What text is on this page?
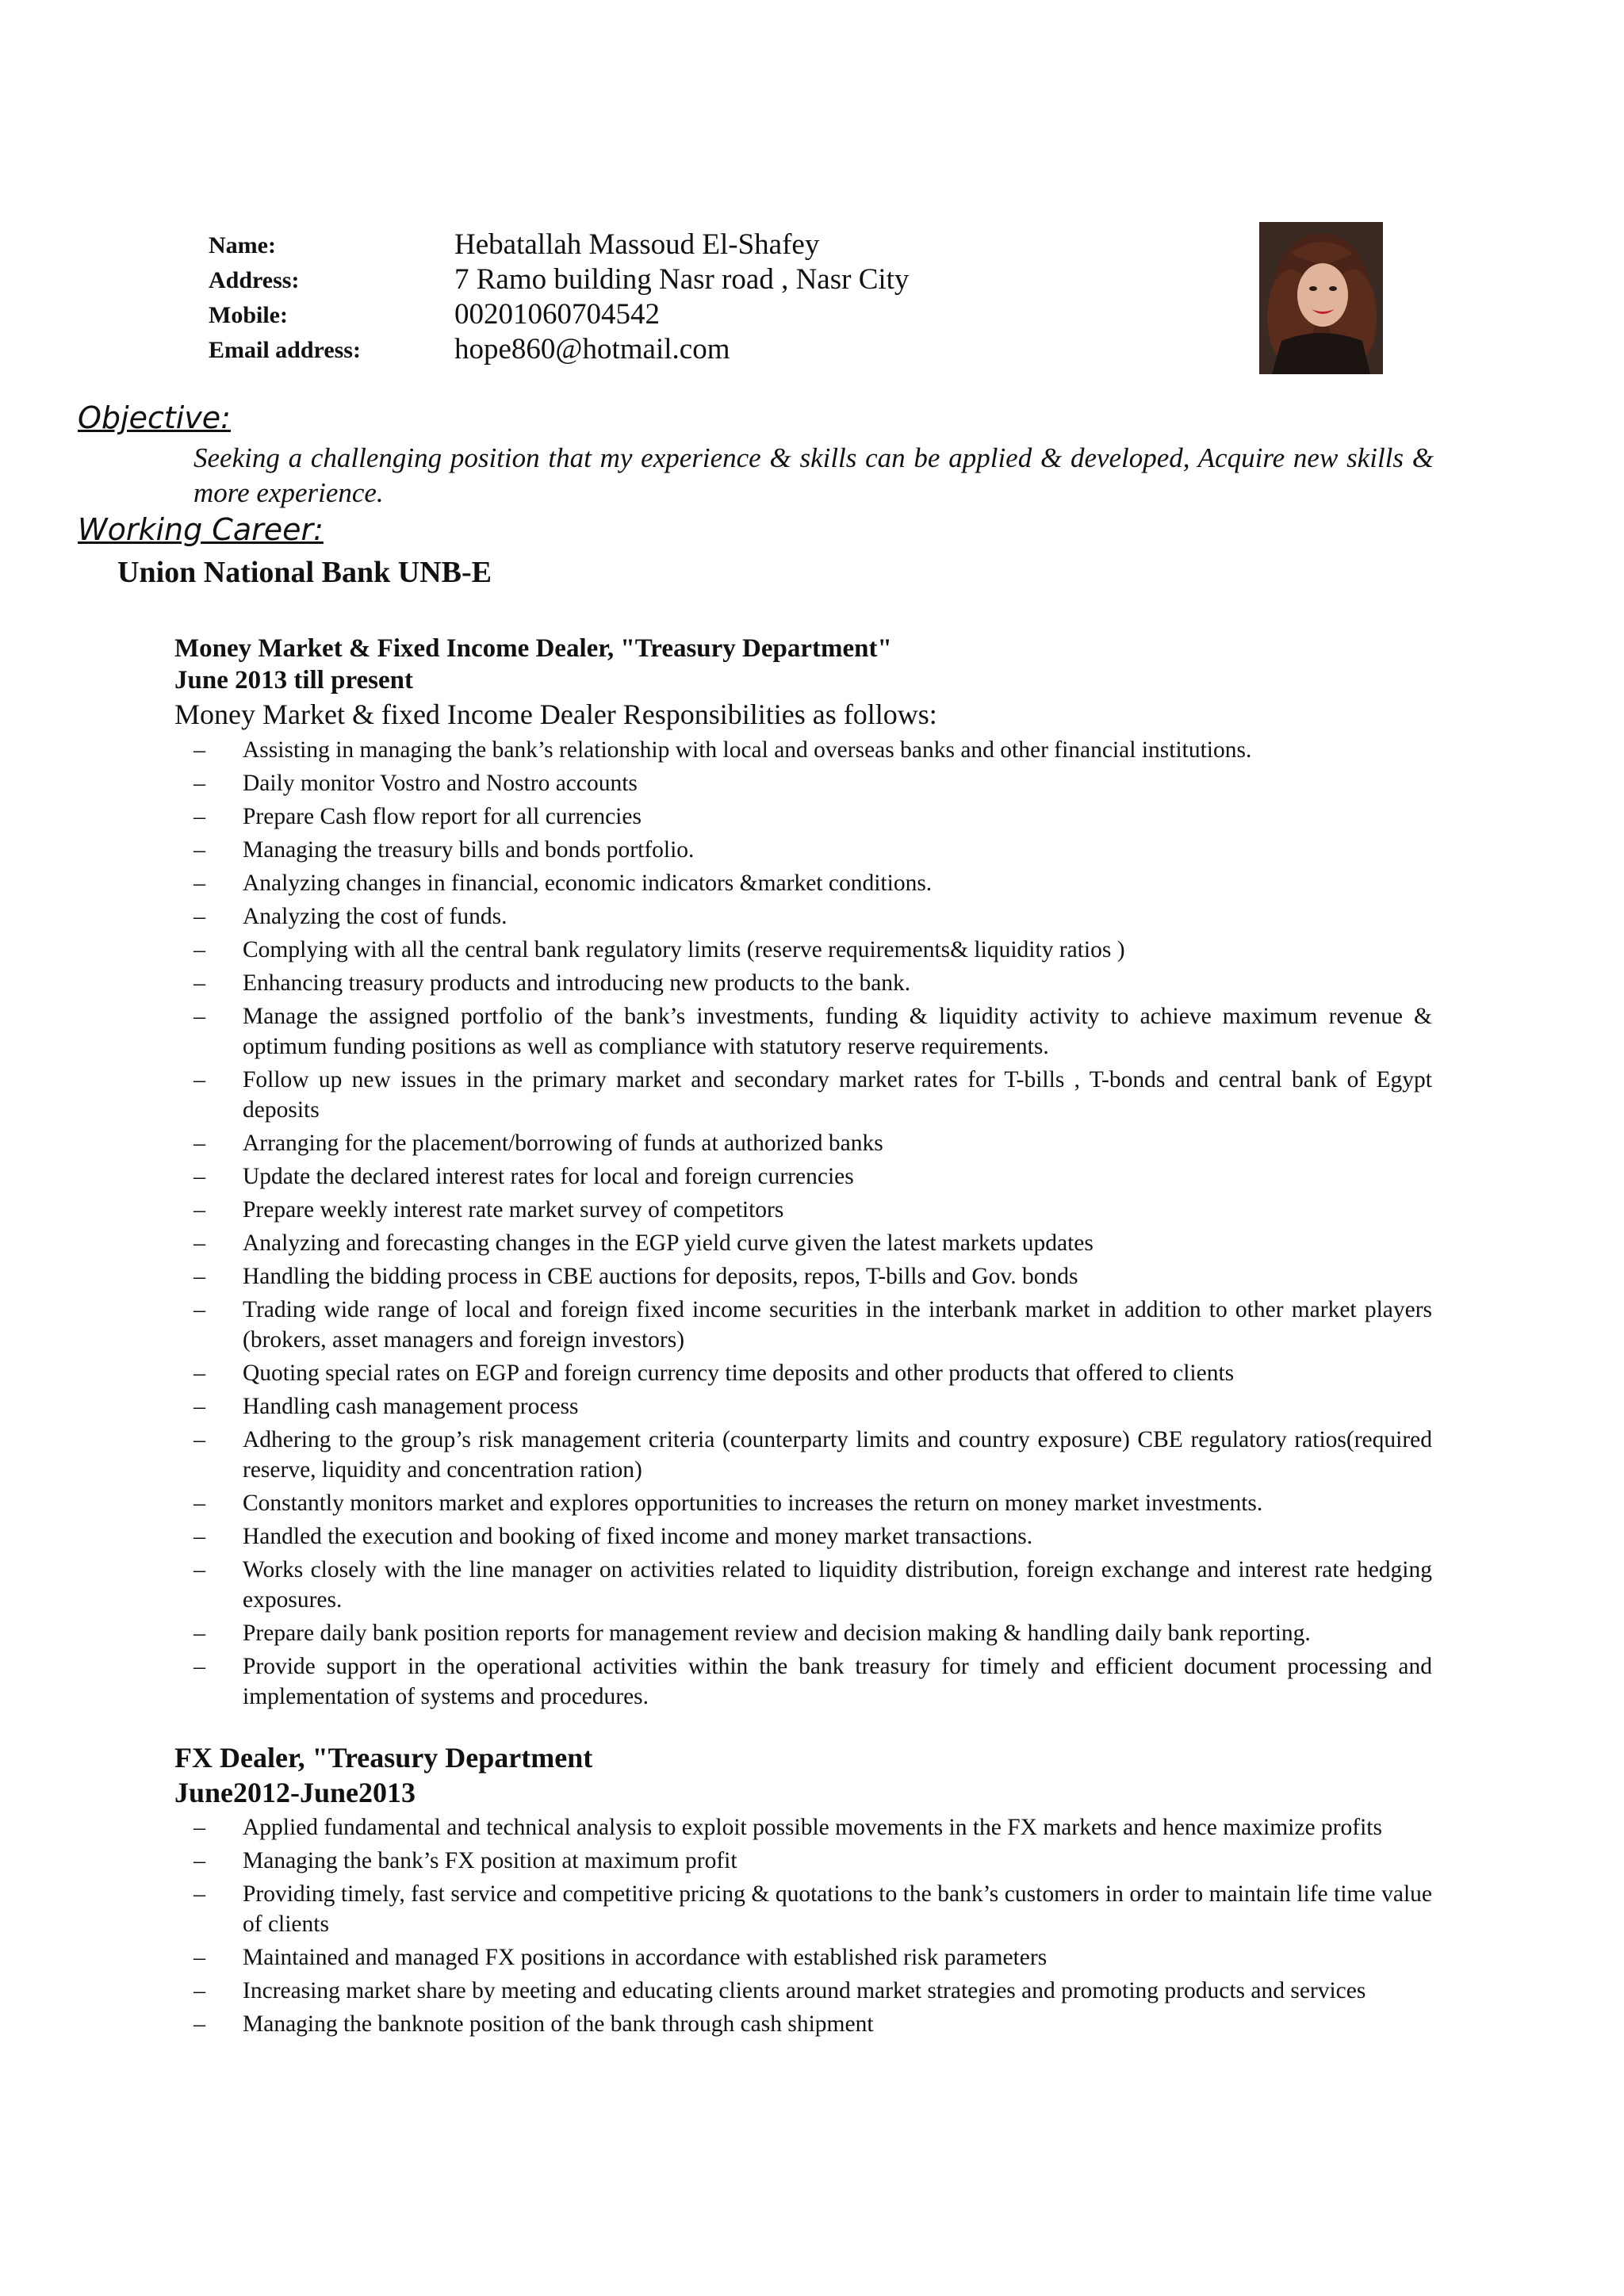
Name:	Hebatallah Massoud El-Shafey
Address:	7 Ramo building Nasr road , Nasr City
Mobile:	00201060704542
Email address:	hope860@hotmail.com
Objective:
Seeking a challenging position that my experience & skills can be applied & developed, Acquire new skills & more experience.
Working Career:
Union National Bank UNB-E
Money Market & Fixed Income Dealer, "Treasury Department"
June 2013 till present
Money Market & fixed Income Dealer Responsibilities as follows:
– Assisting in managing the bank’s relationship with local and overseas banks and other financial institutions.
– Daily monitor Vostro and Nostro accounts
– Prepare Cash flow report for all currencies
– Managing the treasury bills and bonds portfolio.
– Analyzing changes in financial, economic indicators &market conditions.
– Analyzing the cost of funds.
– Complying with all the central bank regulatory limits (reserve requirements& liquidity ratios )
– Enhancing treasury products and introducing new products to the bank.
– Manage the assigned portfolio of the bank’s investments, funding & liquidity activity to achieve maximum revenue & optimum funding positions as well as compliance with statutory reserve requirements.
– Follow up new issues in the primary market and secondary market rates for T-bills , T-bonds and central bank of Egypt deposits
– Arranging for the placement/borrowing of funds at authorized banks
– Update the declared interest rates for local and foreign currencies
– Prepare weekly interest rate market survey of competitors
– Analyzing and forecasting changes in the EGP yield curve given the latest markets updates
– Handling the bidding process in CBE auctions for deposits, repos, T-bills and Gov. bonds
– Trading wide range of local and foreign fixed income securities in the interbank market in addition to other market players (brokers, asset managers and foreign investors)
– Quoting special rates on EGP and foreign currency time deposits and other products that offered to clients
– Handling cash management process
– Adhering to the group’s risk management criteria (counterparty limits and country exposure) CBE regulatory ratios(required reserve, liquidity and concentration ration)
– Constantly monitors market and explores opportunities to increases the return on money market investments.
– Handled the execution and booking of fixed income and money market transactions.
– Works closely with the line manager on activities related to liquidity distribution, foreign exchange and interest rate hedging exposures.
– Prepare daily bank position reports for management review and decision making & handling daily bank reporting.
– Provide support in the operational activities within the bank treasury for timely and efficient document processing and implementation of systems and procedures.
FX Dealer, "Treasury Department
June2012-June2013
– Applied fundamental and technical analysis to exploit possible movements in the FX markets and hence maximize profits
– Managing the bank’s FX position at maximum profit
– Providing timely, fast service and competitive pricing & quotations to the bank’s customers in order to maintain life time value of clients
– Maintained and managed FX positions in accordance with established risk parameters
– Increasing market share by meeting and educating clients around market strategies and promoting products and services
– Managing the banknote position of the bank through cash shipment
